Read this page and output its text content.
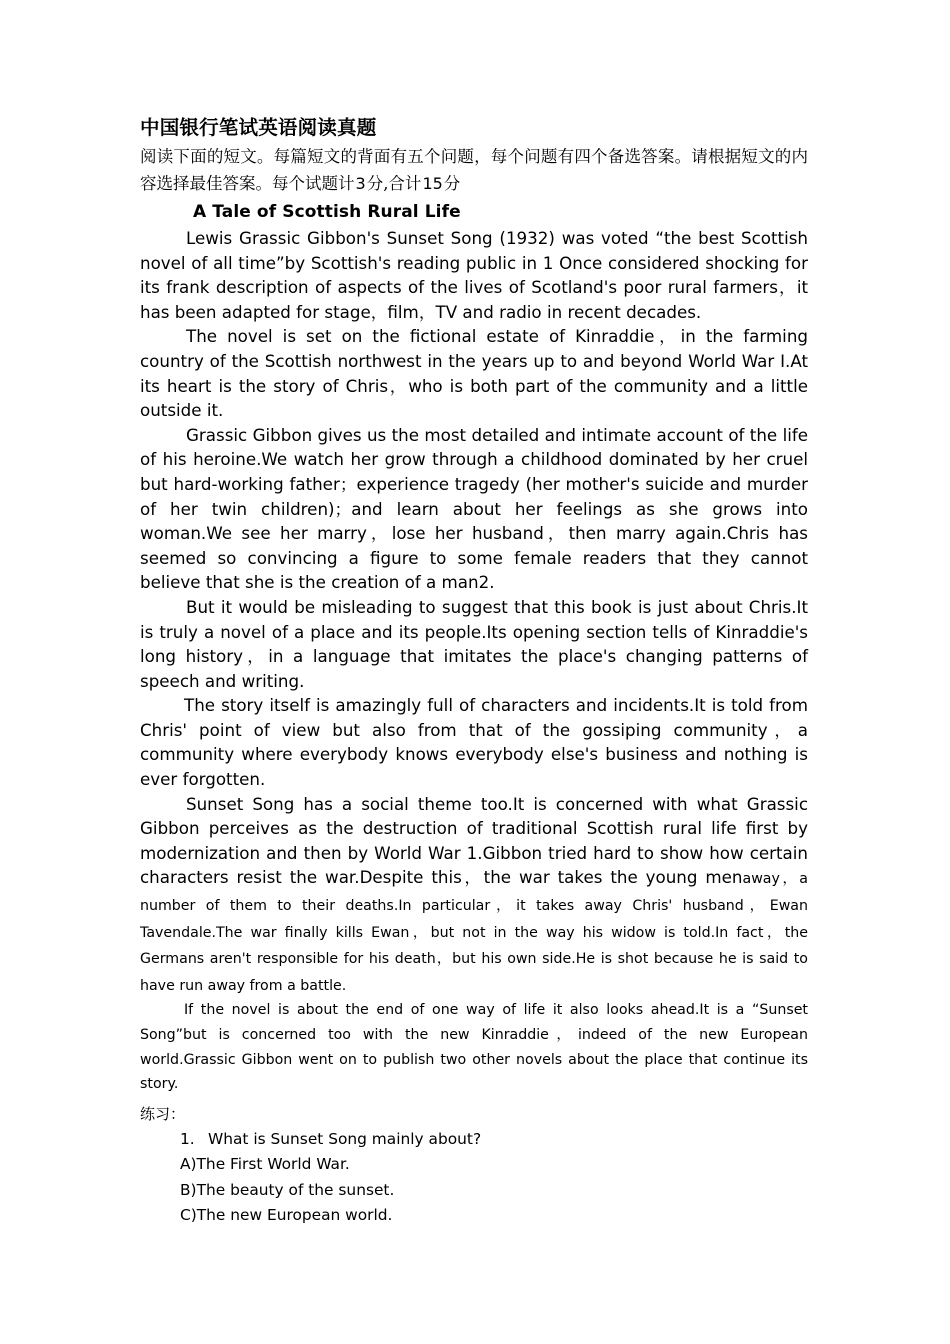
中国银行笔试英语阅读真题

阅读下面的短文。每篇短文的背面有五个问题，每个问题有四个备选答案。请根据短文的内容选择最佳答案。每个试题计3分,合计15分

A Tale of Scottish Rural Life

Lewis Grassic Gibbon's Sunset Song (1932) was voted “the best Scottish novel of all time”by Scottish's reading public in 1 Once considered shocking for its frank description of aspects of the lives of Scotland's poor rural farmers，it has been adapted for stage，film，TV and radio in recent decades.

The novel is set on the fictional estate of Kinraddie，in the farming country of the Scottish northwest in the years up to and beyond World War I.At its heart is the story of Chris，who is both part of the community and a little outside it.

Grassic Gibbon gives us the most detailed and intimate account of the life of his heroine.We watch her grow through a childhood dominated by her cruel but hard-working father；experience tragedy (her mother's suicide and murder of her twin children)；and learn about her feelings as she grows into woman.We see her marry，lose her husband，then marry again.Chris has seemed so convincing a figure to some female readers that they cannot believe that she is the creation of a man2.

But it would be misleading to suggest that this book is just about Chris.It is truly a novel of a place and its people.Its opening section tells of Kinraddie's long history，in a language that imitates the place's changing patterns of speech and writing.

The story itself is amazingly full of characters and incidents.It is told from Chris' point of view but also from that of the gossiping community，a community where everybody knows everybody else's business and nothing is ever forgotten.

Sunset Song has a social theme too.It is concerned with what Grassic Gibbon perceives as the destruction of traditional Scottish rural life first by modernization and then by World War 1.Gibbon tried hard to show how certain characters resist the war.Despite this，the war takes the young menaway，a number of them to their deaths.In particular，it takes away Chris' husband，Ewan Tavendale.The war finally kills Ewan，but not in the way his widow is told.In fact，the Germans aren't responsible for his death，but his own side.He is shot because he is said to have run away from a battle.

If the novel is about the end of one way of life it also looks ahead.It is a “Sunset Song”but is concerned too with the new Kinraddie，indeed of the new European world.Grassic Gibbon went on to publish two other novels about the place that continue its story.

练习：

1. What is Sunset Song mainly about?

A)The First World War.

B)The beauty of the sunset.

C)The new European world.
